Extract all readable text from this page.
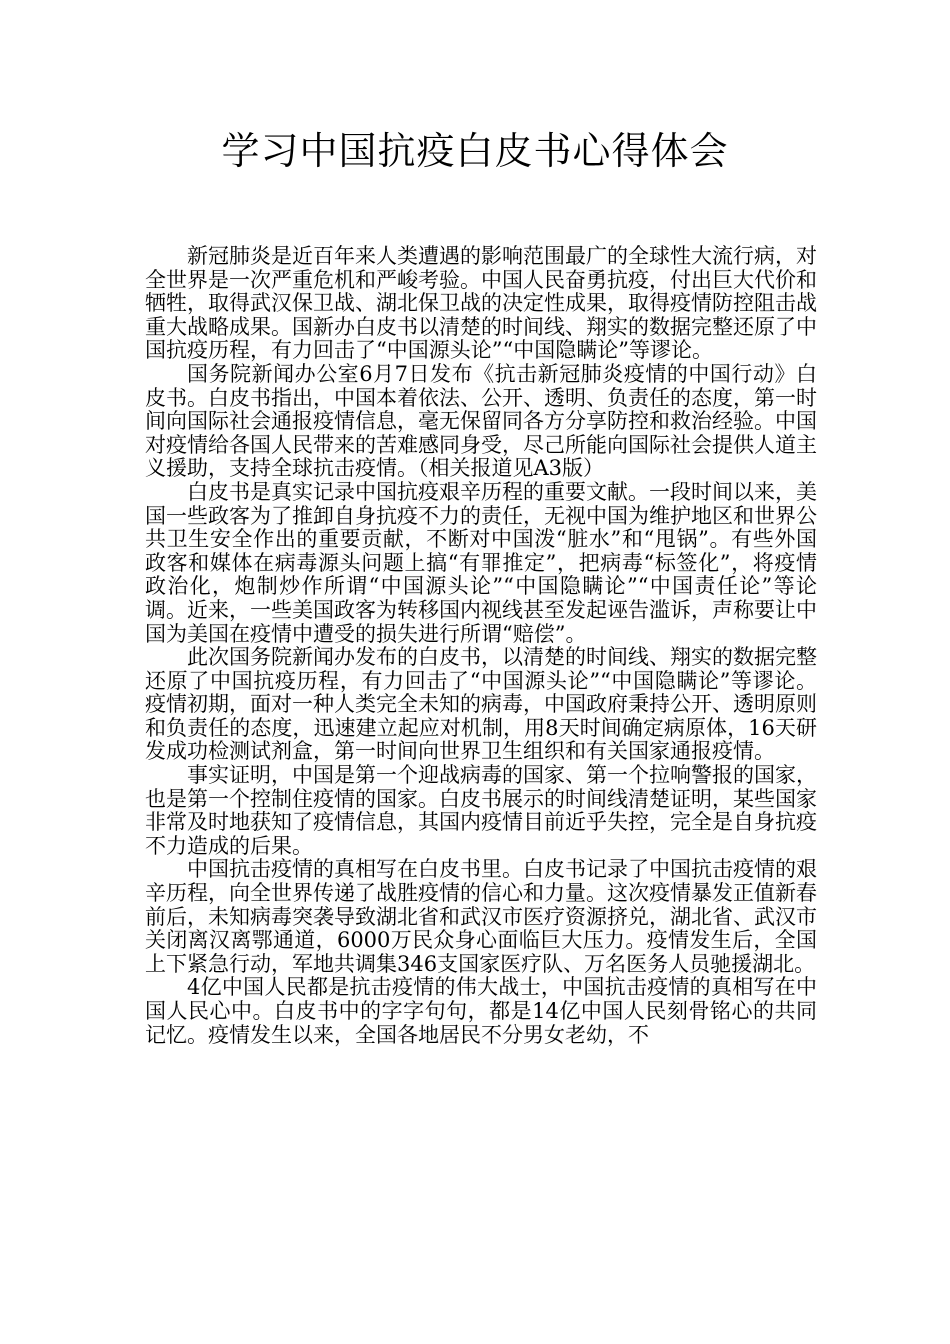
学习中国抗疫白皮书心得体会

新冠肺炎是近百年来人类遭遇的影响范围最广的全球性大流行病，对全世界是一次严重危机和严峻考验。中国人民奋勇抗疫，付出巨大代价和牺牲，取得武汉保卫战、湖北保卫战的决定性成果，取得疫情防控阻击战重大战略成果。国新办白皮书以清楚的时间线、翔实的数据完整还原了中国抗疫历程，有力回击了“中国源头论”“中国隐瞒论”等谬论。

国务院新闻办公室6月7日发布《抗击新冠肺炎疫情的中国行动》白皮书。白皮书指出，中国本着依法、公开、透明、负责任的态度，第一时间向国际社会通报疫情信息，毫无保留同各方分享防控和救治经验。中国对疫情给各国人民带来的苦难感同身受，尽己所能向国际社会提供人道主义援助，支持全球抗击疫情。（相关报道见A3版）

白皮书是真实记录中国抗疫艰辛历程的重要文献。一段时间以来，美国一些政客为了推卸自身抗疫不力的责任，无视中国为维护地区和世界公共卫生安全作出的重要贡献，不断对中国泼“脏水”和“甩锅”。有些外国政客和媒体在病毒源头问题上搞“有罪推定”，把病毒“标签化”，将疫情政治化，炮制炒作所谓“中国源头论”“中国隐瞒论”“中国责任论”等论调。近来，一些美国政客为转移国内视线甚至发起诬告滥诉，声称要让中国为美国在疫情中遭受的损失进行所谓“赔偿”。

此次国务院新闻办发布的白皮书，以清楚的时间线、翔实的数据完整还原了中国抗疫历程，有力回击了“中国源头论”“中国隐瞒论”等谬论。疫情初期，面对一种人类完全未知的病毒，中国政府秉持公开、透明原则和负责任的态度，迅速建立起应对机制，用8天时间确定病原体，16天研发成功检测试剂盒，第一时间向世界卫生组织和有关国家通报疫情。

事实证明，中国是第一个迎战病毒的国家、第一个拉响警报的国家，也是第一个控制住疫情的国家。白皮书展示的时间线清楚证明，某些国家非常及时地获知了疫情信息，其国内疫情目前近乎失控，完全是自身抗疫不力造成的后果。

中国抗击疫情的真相写在白皮书里。白皮书记录了中国抗击疫情的艰辛历程，向全世界传递了战胜疫情的信心和力量。这次疫情暴发正值新春前后，未知病毒突袭导致湖北省和武汉市医疗资源挤兑，湖北省、武汉市关闭离汉离鄂通道，6000万民众身心面临巨大压力。疫情发生后，全国上下紧急行动，军地共调集346支国家医疗队、万名医务人员驰援湖北。

4亿中国人民都是抗击疫情的伟大战士，中国抗击疫情的真相写在中国人民心中。白皮书中的字字句句，都是14亿中国人民刻骨铭心的共同记忆。疫情发生以来，全国各地居民不分男女老幼，不
